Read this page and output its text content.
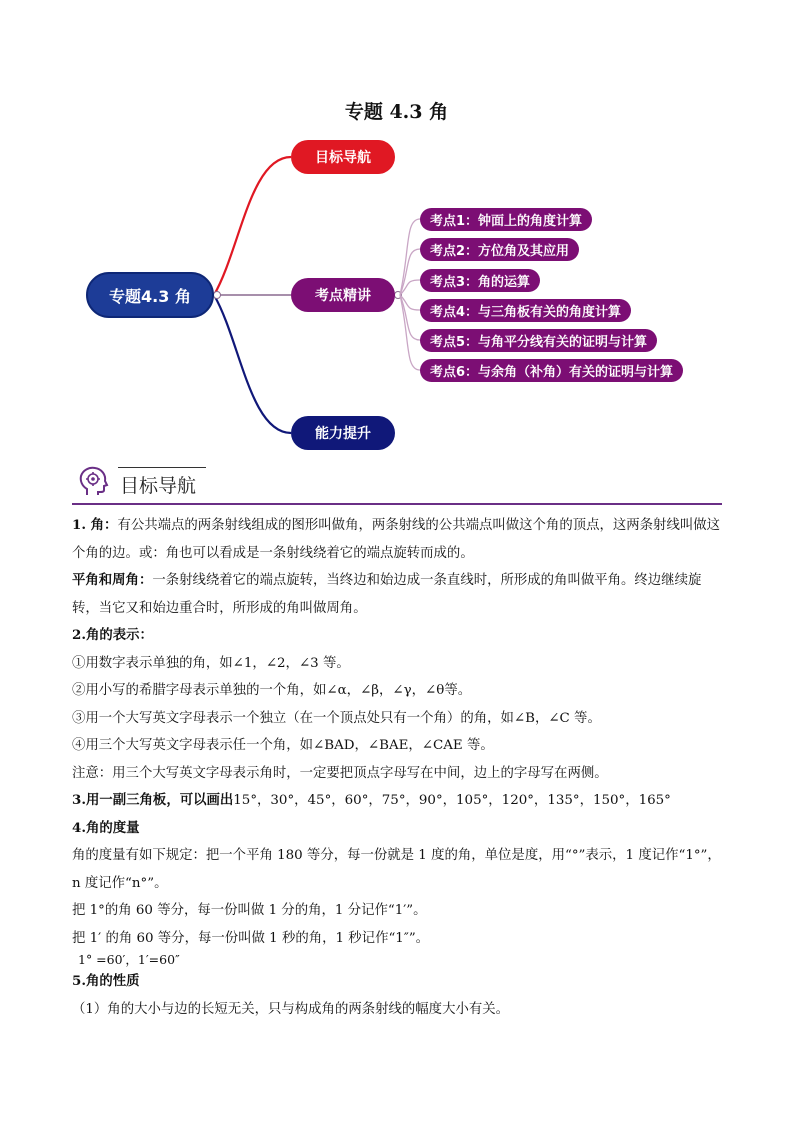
专题 4.3 角
专题4.3 角
目标导航
考点精讲
能力提升
考点1：钟面上的角度计算
考点2：方位角及其应用
考点3：角的运算
考点4：与三角板有关的角度计算
考点5：与角平分线有关的证明与计算
考点6：与余角（补角）有关的证明与计算
目标导航

1. 角：有公共端点的两条射线组成的图形叫做角，两条射线的公共端点叫做这个角的顶点，这两条射线叫做这个角的边。或：角也可以看成是一条射线绕着它的端点旋转而成的。

平角和周角：一条射线绕着它的端点旋转，当终边和始边成一条直线时，所形成的角叫做平角。终边继续旋转，当它又和始边重合时，所形成的角叫做周角。

2.角的表示：

①用数字表示单独的角，如∠1，∠2，∠3 等。

②用小写的希腊字母表示单独的一个角，如∠α，∠β，∠γ，∠θ等。

③用一个大写英文字母表示一个独立（在一个顶点处只有一个角）的角，如∠B，∠C 等。

④用三个大写英文字母表示任一个角，如∠BAD，∠BAE，∠CAE 等。

注意：用三个大写英文字母表示角时，一定要把顶点字母写在中间，边上的字母写在两侧。

3.用一副三角板，可以画出15°，30°，45°，60°，75°，90°，105°，120°，135°，150°，165°

4.角的度量

角的度量有如下规定：把一个平角 180 等分，每一份就是 1 度的角，单位是度，用“°”表示，1 度记作“1°”，n 度记作“n°”。

把 1°的角 60 等分，每一份叫做 1 分的角，1 分记作“1′”。

把 1′ 的角 60 等分，每一份叫做 1 秒的角，1 秒记作“1″”。

1° =60′，1′=60″

5.角的性质

（1）角的大小与边的长短无关，只与构成角的两条射线的幅度大小有关。
